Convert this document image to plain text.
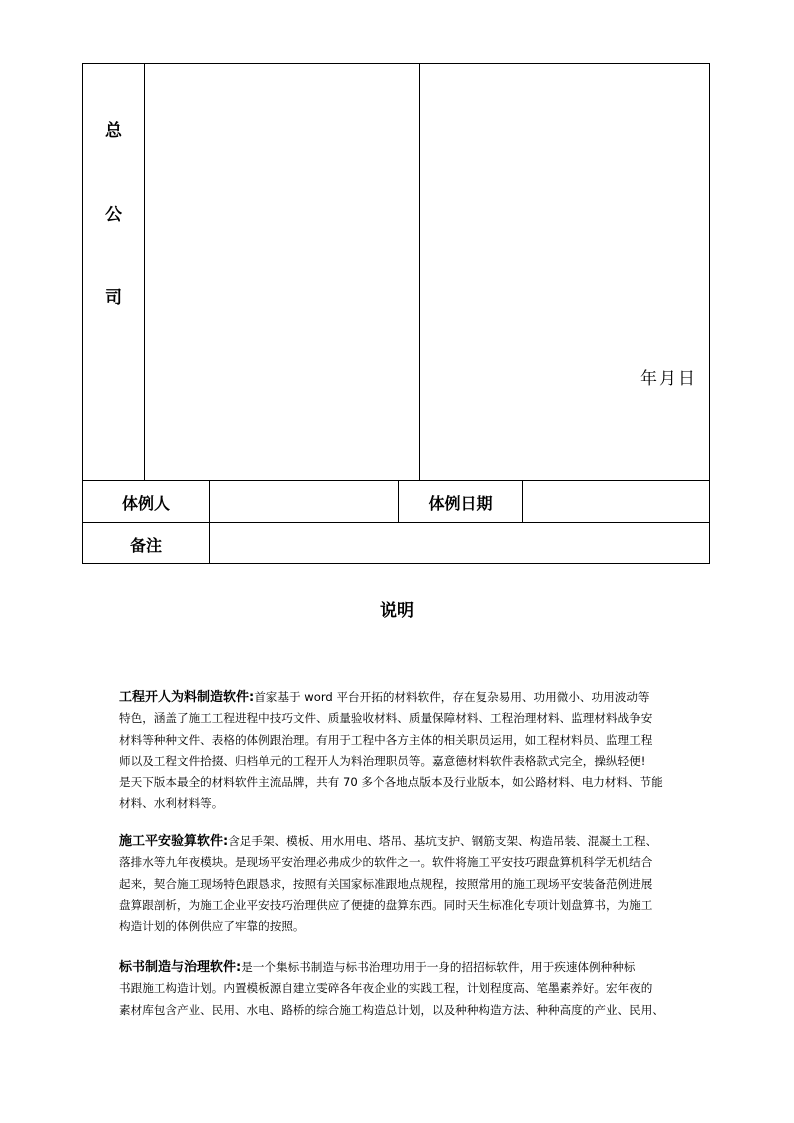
总
公
司
年月日
体例人	体例日期
备注
说明
工程开人为料制造软件:首家基于 word 平台开拓的材料软件，存在复杂易用、功用微小、功用波动等
特色，涵盖了施工工程进程中技巧文件、质量验收材料、质量保障材料、工程治理材料、监理材料战争安
材料等种种文件、表格的体例跟治理。有用于工程中各方主体的相关职员运用，如工程材料员、监理工程
师以及工程文件拾掇、归档单元的工程开人为料治理职员等。嘉意德材料软件表格款式完全，操纵轻便!
是天下版本最全的材料软件主流品牌，共有 70 多个各地点版本及行业版本，如公路材料、电力材料、节能
材料、水利材料等。
施工平安验算软件:含足手架、模板、用水用电、塔吊、基坑支护、钢筋支架、构造吊装、混凝土工程、
落排水等九年夜模块。是现场平安治理必弗成少的软件之一。软件将施工平安技巧跟盘算机科学无机结合
起来，契合施工现场特色跟恳求，按照有关国家标准跟地点规程，按照常用的施工现场平安装备范例进展
盘算跟剖析，为施工企业平安技巧治理供应了便捷的盘算东西。同时天生标准化专项计划盘算书，为施工
构造计划的体例供应了牢靠的按照。
标书制造与治理软件:是一个集标书制造与标书治理功用于一身的招招标软件，用于疾速体例种种标
书跟施工构造计划。内置模板源自建立雯碎各年夜企业的实践工程，计划程度高、笔墨素养好。宏年夜的
素材库包含产业、民用、水电、路桥的综合施工构造总计划，以及种种构造方法、种种高度的产业、民用、
